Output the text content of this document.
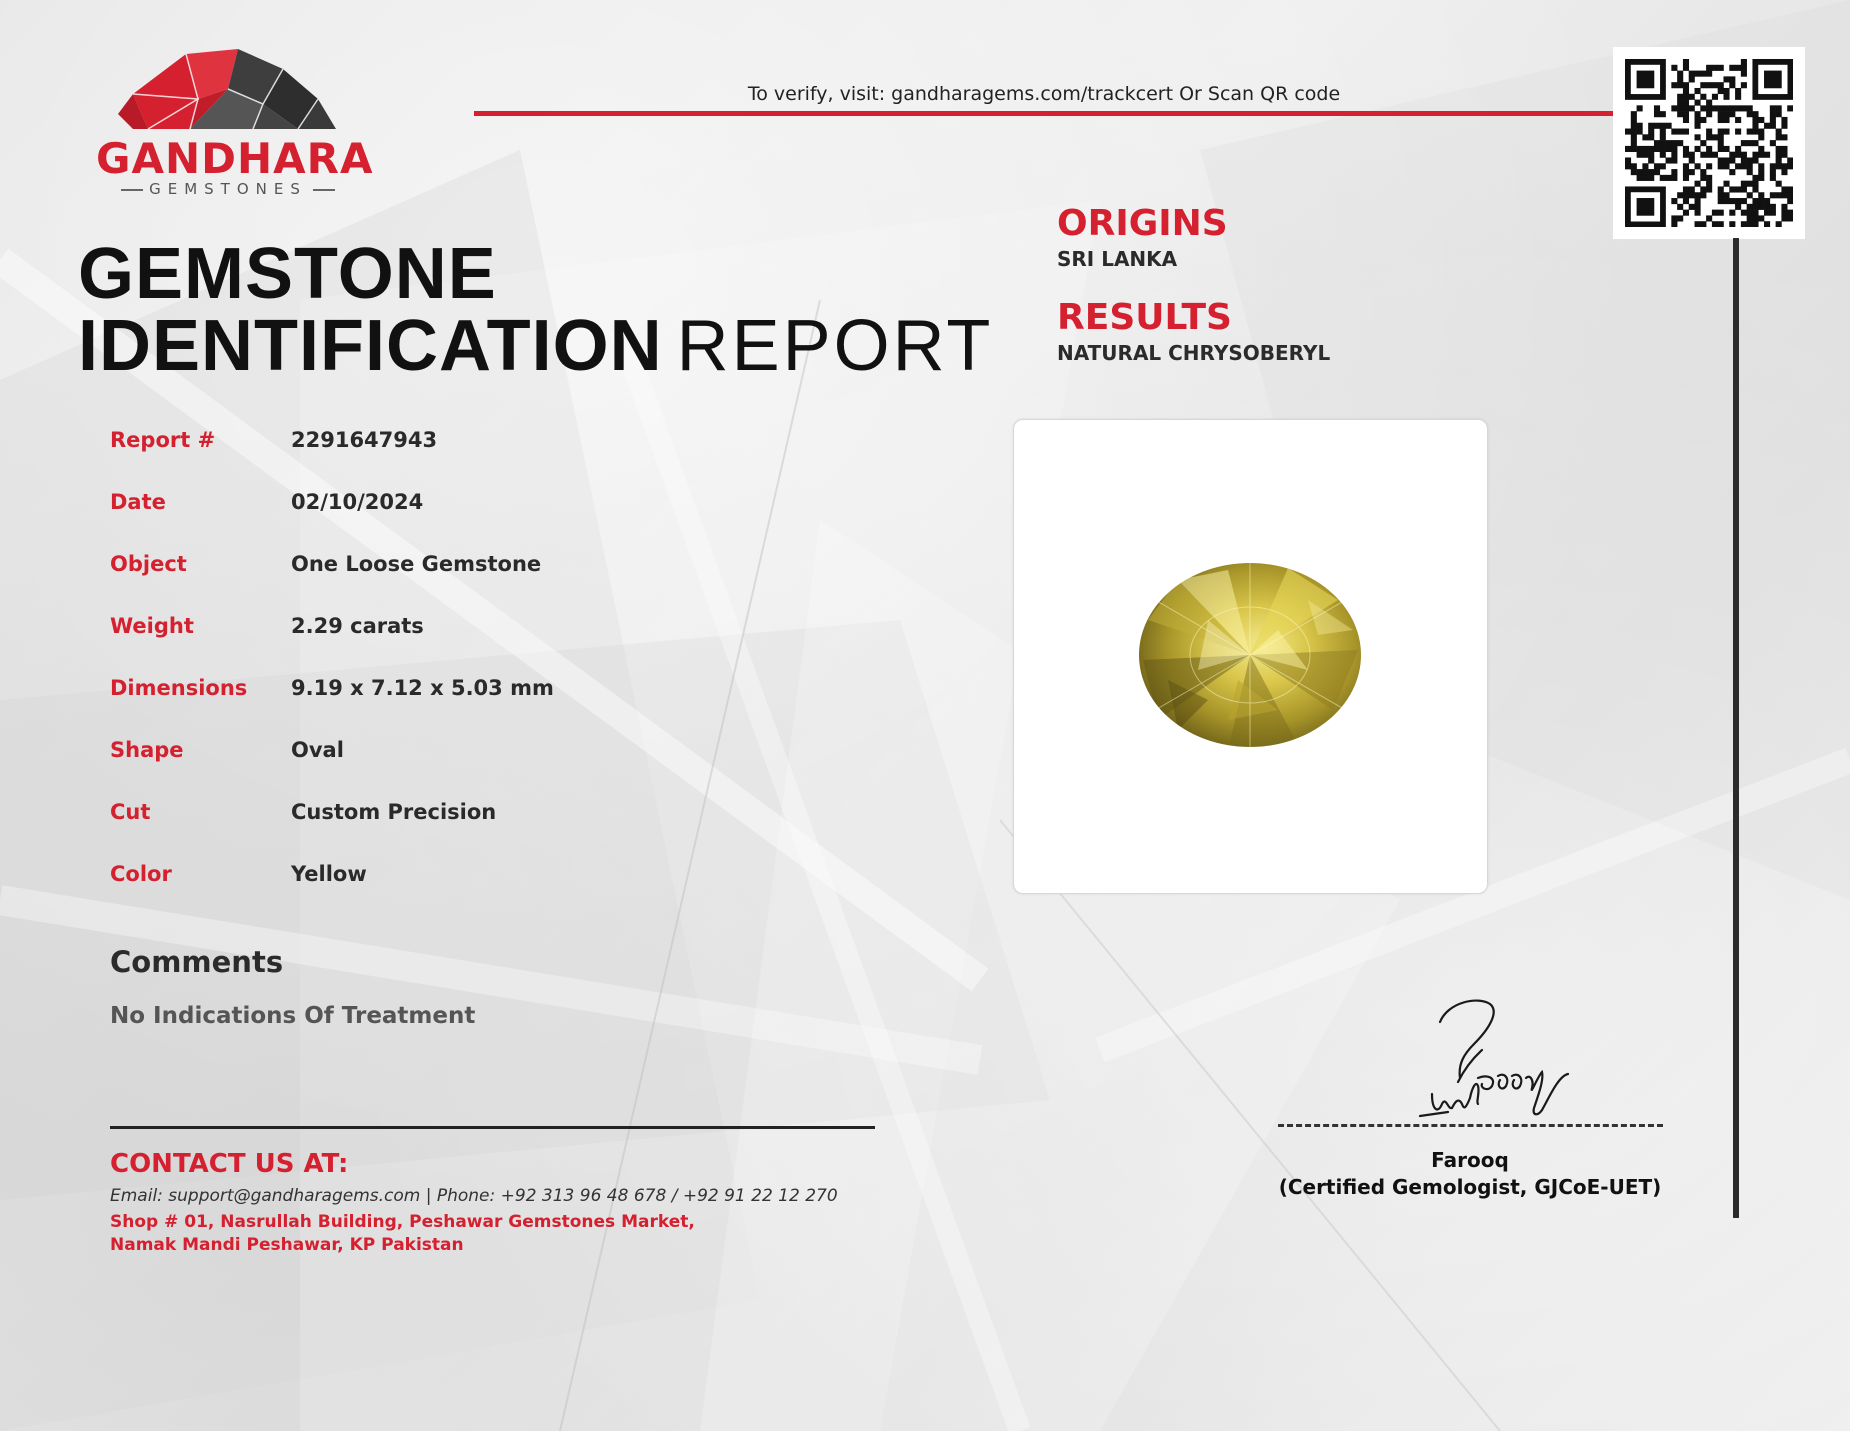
GANDHARA
GEMSTONES
To verify, visit: gandharagems.com/trackcert Or Scan QR code
GEMSTONE
IDENTIFICATION REPORT
Report #	2291647943
Date	02/10/2024
Object	One Loose Gemstone
Weight	2.29 carats
Dimensions 9.19 x 7.12 x 5.03 mm
Shape	Oval
Cut	Custom Precision
Color	Yellow
Comments
No Indications Of Treatment
CONTACT US AT:
Email: support@gandharagems.com | Phone: +92 313 96 48 678 / +92 91 22 12 270
Shop # 01, Nasrullah Building, Peshawar Gemstones Market,
Namak Mandi Peshawar, KP Pakistan
ORIGINS
SRI LANKA
RESULTS
NATURAL CHRYSOBERYL
Farooq
(Certified Gemologist, GJCoE-UET)
